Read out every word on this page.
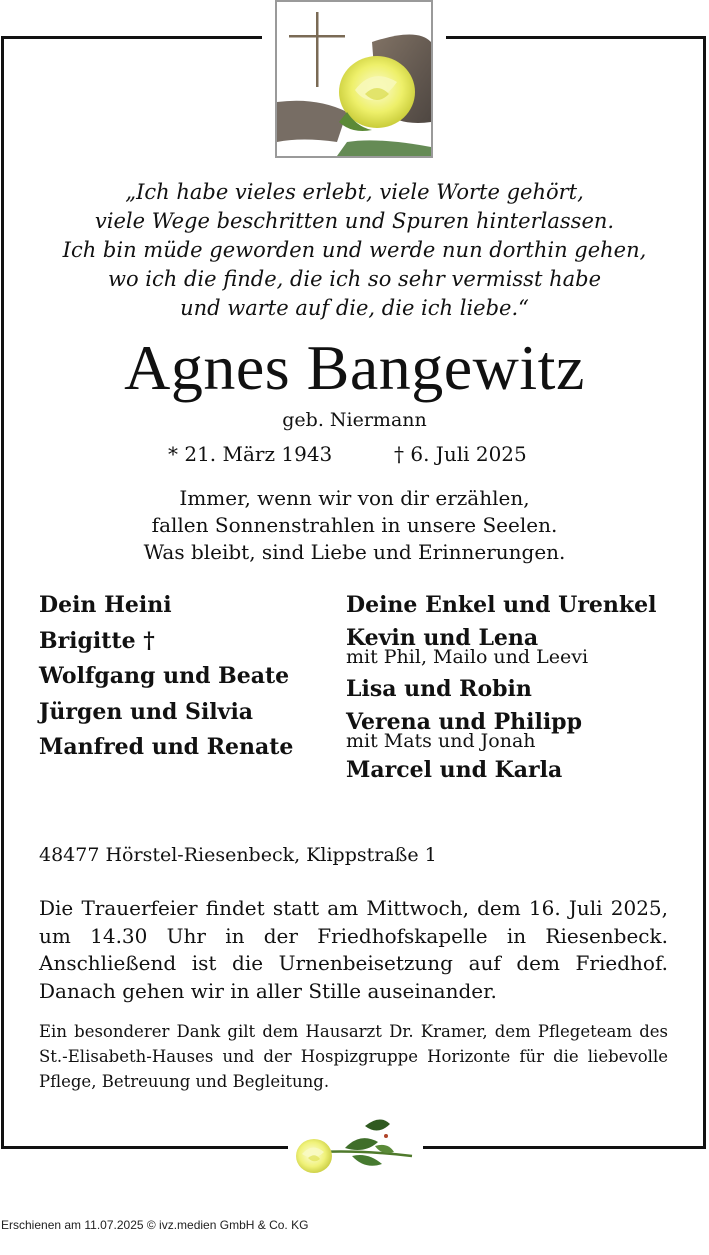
„Ich habe vieles erlebt, viele Worte gehört,
viele Wege beschritten und Spuren hinterlassen.
Ich bin müde geworden und werde nun dorthin gehen,
wo ich die finde, die ich so sehr vermisst habe
und warte auf die, die ich liebe.“
Agnes Bangewitz
geb. Niermann
* 21. März 1943	† 6. Juli 2025
Immer, wenn wir von dir erzählen,
fallen Sonnenstrahlen in unsere Seelen.
Was bleibt, sind Liebe und Erinnerungen.
Dein Heini
Brigitte †
Wolfgang und Beate
Jürgen und Silvia
Manfred und Renate
Deine Enkel und Urenkel
Kevin und Lena
mit Phil, Mailo und Leevi
Lisa und Robin
Verena und Philipp
mit Mats und Jonah
Marcel und Karla
48477 Hörstel-Riesenbeck, Klippstraße 1
Die Trauerfeier findet statt am Mittwoch, dem 16. Juli 2025, um 14.30 Uhr in der Friedhofskapelle in Riesenbeck. Anschließend ist die Urnenbeisetzung auf dem Friedhof. Danach gehen wir in aller Stille auseinander.
Ein besonderer Dank gilt dem Hausarzt Dr. Kramer, dem Pflegeteam des St.-Elisabeth-Hauses und der Hospizgruppe Horizonte für die liebevolle Pflege, Betreuung und Begleitung.
Erschienen am 11.07.2025 © ivz.medien GmbH & Co. KG
